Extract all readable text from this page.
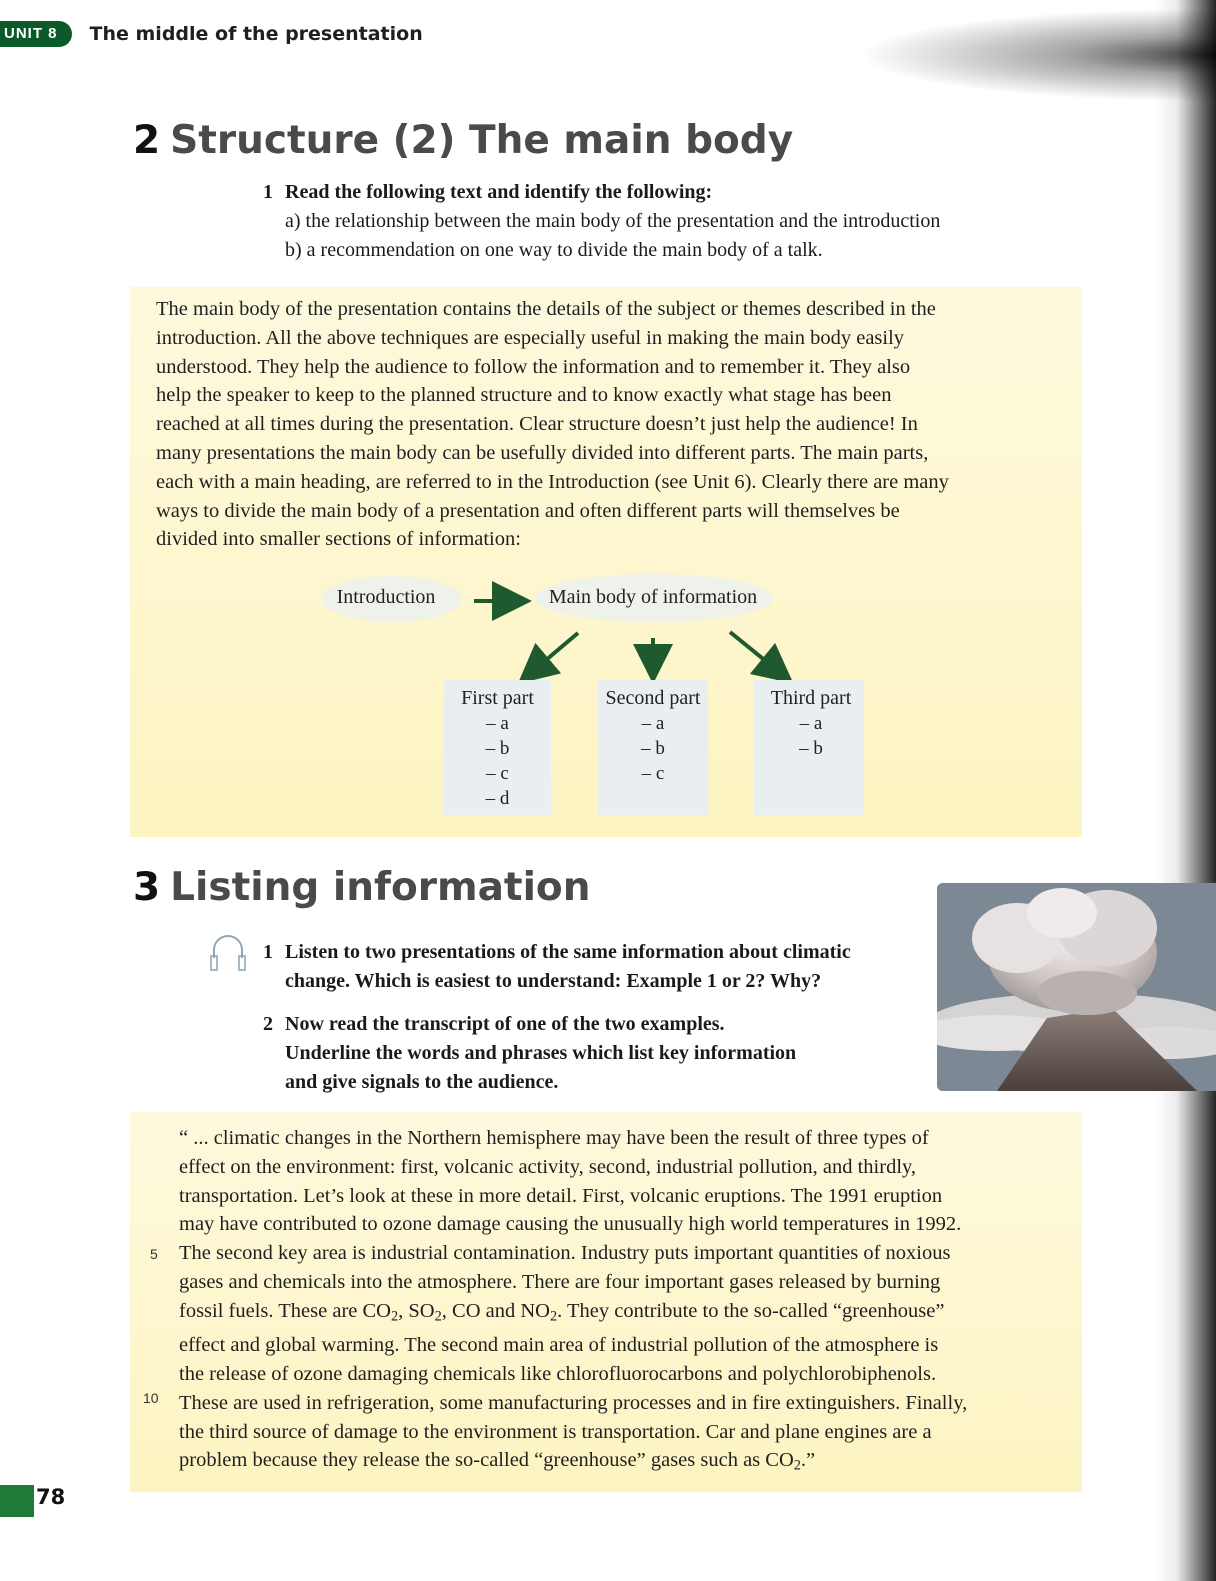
UNIT 8	The middle of the presentation
2 Structure (2) The main body
1 Read the following text and identify the following:
a) the relationship between the main body of the presentation and the introduction
b) a recommendation on one way to divide the main body of a talk.
The main body of the presentation contains the details of the subject or themes described in the
introduction. All the above techniques are especially useful in making the main body easily
understood. They help the audience to follow the information and to remember it. They also
help the speaker to keep to the planned structure and to know exactly what stage has been
reached at all times during the presentation. Clear structure doesn’t just help the audience! In
many presentations the main body can be usefully divided into different parts. The main parts,
each with a main heading, are referred to in the Introduction (see Unit 6). Clearly there are many
ways to divide the main body of a presentation and often different parts will themselves be
divided into smaller sections of information:
Introduction	Main body of information
First part
– a
– b
– c
– d
Second part
– a
– b
– c
Third part
– a
– b
3 Listing information
1 Listen to two presentations of the same information about climatic
change. Which is easiest to understand: Example 1 or 2? Why?
2 Now read the transcript of one of the two examples.
Underline the words and phrases which list key information
and give signals to the audience.
5
10
“ ... climatic changes in the Northern hemisphere may have been the result of three types of
effect on the environment: first, volcanic activity, second, industrial pollution, and thirdly,
transportation. Let’s look at these in more detail. First, volcanic eruptions. The 1991 eruption
may have contributed to ozone damage causing the unusually high world temperatures in 1992.
The second key area is industrial contamination. Industry puts important quantities of noxious
gases and chemicals into the atmosphere. There are four important gases released by burning
fossil fuels. These are $CO_2$, $SO_2$, CO and $NO_2$. They contribute to the so-called “greenhouse”
effect and global warming. The second main area of industrial pollution of the atmosphere is
the release of ozone damaging chemicals like chlorofluorocarbons and polychlorobiphenols.
These are used in refrigeration, some manufacturing processes and in fire extinguishers. Finally,
the third source of damage to the environment is transportation. Car and plane engines are a
problem because they release the so-called “greenhouse” gases such as $CO_2$.”
78
